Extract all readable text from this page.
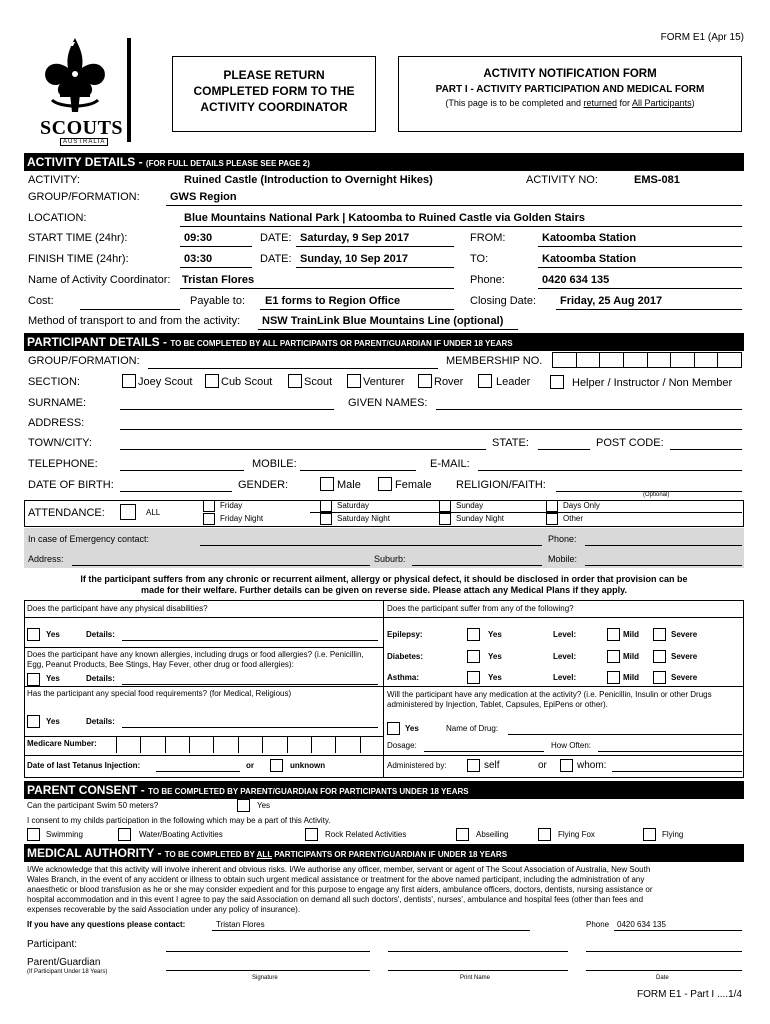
FORM E1 (Apr 15)
SCOUTS
AUSTRALIA
PLEASE RETURN
COMPLETED FORM TO THE
ACTIVITY COORDINATOR
ACTIVITY NOTIFICATION FORM
PART I - ACTIVITY PARTICIPATION AND MEDICAL FORM
(This page is to be completed and returned for All Participants)
ACTIVITY DETAILS - (FOR FULL DETAILS PLEASE SEE PAGE 2)
ACTIVITY:	Ruined Castle (Introduction to Overnight Hikes)	ACTIVITY NO:	EMS-081
GROUP/FORMATION:	GWS Region
LOCATION:	Blue Mountains National Park | Katoomba to Ruined Castle via Golden Stairs
START TIME (24hr):	09:30	DATE: Saturday, 9 Sep 2017	FROM:	Katoomba Station
FINISH TIME (24hr):	03:30	DATE: Sunday, 10 Sep 2017	TO:	Katoomba Station
Name of Activity Coordinator: Tristan Flores	Phone:	0420 634 135
Cost:	Payable to: E1 forms to Region Office	Closing Date: Friday, 25 Aug 2017
Method of transport to and from the activity: NSW TrainLink Blue Mountains Line (optional)
PARTICIPANT DETAILS - TO BE COMPLETED BY ALL PARTICIPANTS OR PARENT/GUARDIAN IF UNDER 18 YEARS
GROUP/FORMATION:	MEMBERSHIP NO.
SECTION:	Joey Scout	Cub Scout	Scout	Venturer	Rover	Leader	Helper / Instructor / Non Member
SURNAME:	GIVEN NAMES:
ADDRESS:
TOWN/CITY:	STATE:	POST CODE:
TELEPHONE:	MOBILE:	E-MAIL:
DATE OF BIRTH:	GENDER:	Male	Female RELIGION/FAITH:
(Optional)
ATTENDANCE:	ALL
Friday
Friday Night
Saturday
Saturday Night
Sunday
Sunday Night
Days Only
Other
In case of Emergency contact:	Phone:
Address:	Suburb:	Mobile:
If the participant suffers from any chronic or recurrent ailment, allergy or physical defect, it should be disclosed in order that provision can be
made for their welfare. Further details can be given on reverse side. Please attach any Medical Plans if they apply.
Does the participant have any physical disabilities?
Yes	Details:
Does the participant suffer from any of the following?
Epilepsy:	Yes	Level:	Mild	Severe
Does the participant have any known allergies, including drugs or food allergies? (i.e. Penicillin, Egg, Peanut Products, Bee Stings, Hay Fever, other drug or food allergies):
Yes	Details:
Diabetes:	Yes	Level:	Mild	Severe
Asthma:	Yes	Level:	Mild	Severe
Has the participant any special food requirements? (for Medical, Religious)
Yes	Details:
Will the participant have any medication at the activity? (i.e. Penicillin, Insulin or other Drugs administered by Injection, Tablet, Capsules, EpiPens or other).
Yes	Name of Drug:
Dosage:	How Often:
Medicare Number:
Date of last Tetanus Injection:	or	unknown	Administered by:	self	or	whom:
PARENT CONSENT - TO BE COMPLETED BY PARENT/GUARDIAN FOR PARTICIPANTS UNDER 18 YEARS
Can the participant Swim 50 meters?	Yes
I consent to my childs participation in the following which may be a part of this Activity.
Swimming	Water/Boating Activities	Rock Related Activities	Abseiling	Flying Fox	Flying
MEDICAL AUTHORITY - TO BE COMPLETED BY ALL PARTICIPANTS OR PARENT/GUARDIAN IF UNDER 18 YEARS
I/We acknowledge that this activity will involve inherent and obvious risks. I/We authorise any officer, member, servant or agent of The Scout Association of Australia, New South
Wales Branch, in the event of any accident or illness to obtain such urgent medical assistance or treatment for the above named participant, including the administration of any
anaesthetic or blood transfusion as he or she may consider expedient and for this purpose to engage any first aiders, ambulance officers, doctors, dentists, nursing assistance or
hospital accommodation and in this event I agree to pay the said Association on demand all such doctors', dentists', nurses', ambulance and hospital fees (other than fees and
expenses recoverable by the said Association under any policy of insurance).
If you have any questions please contact:	Tristan Flores	Phone 0420 634 135
Participant:
Parent/Guardian
(If Participant Under 18 Years)
Signature	Print Name	Date
FORM E1 - Part I ....1/4
